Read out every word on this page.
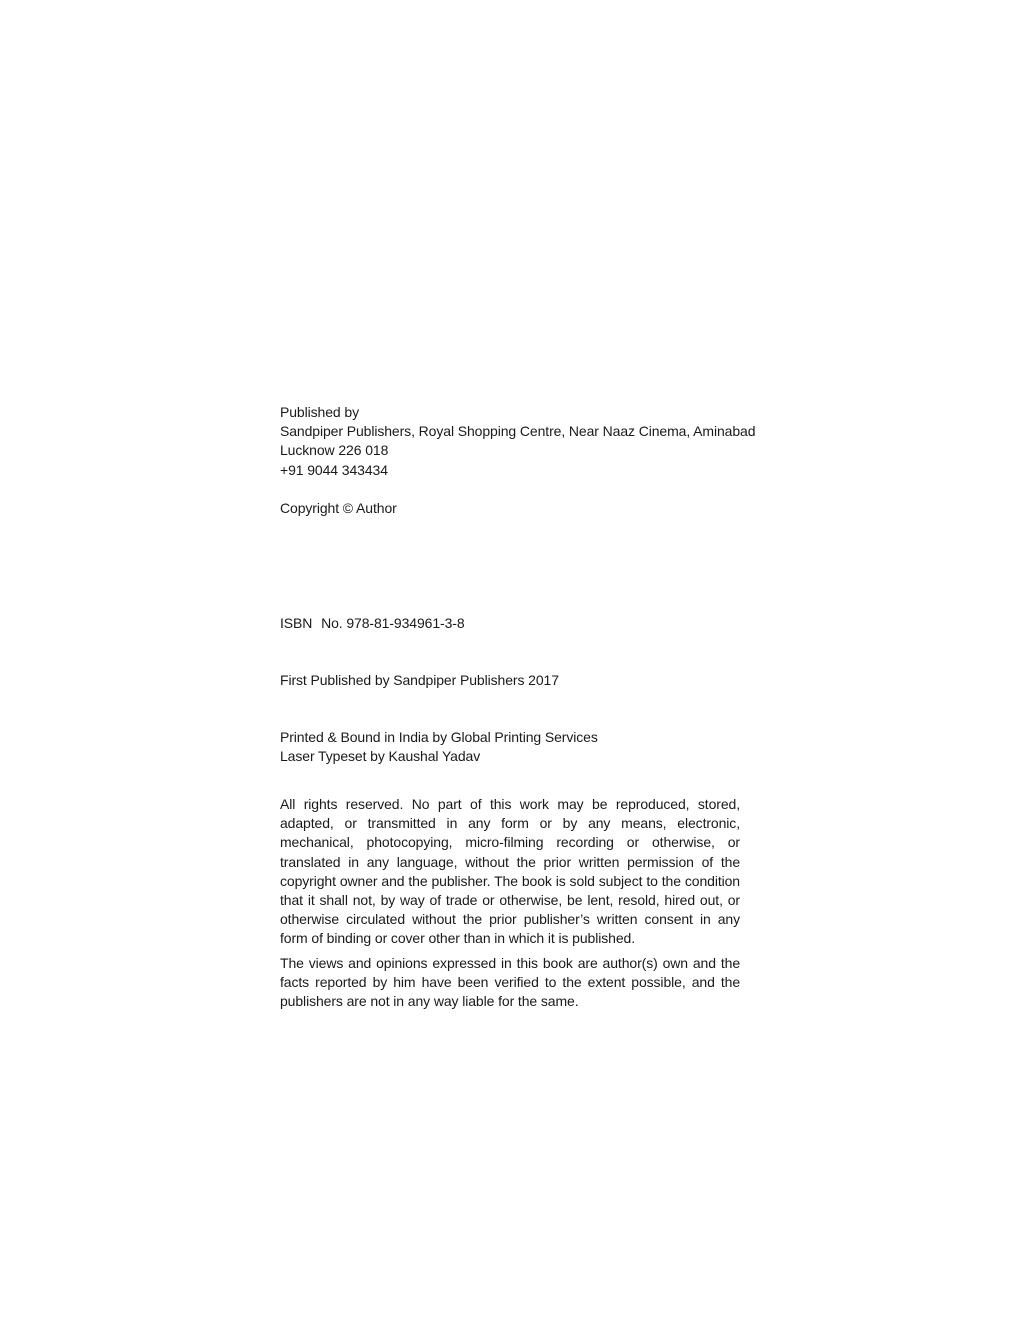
Published by
Sandpiper Publishers, Royal Shopping Centre, Near Naaz Cinema, Aminabad
Lucknow 226 018
+91 9044 343434
Copyright © Author
ISBN No. 978-81-934961-3-8
First Published by Sandpiper Publishers 2017
Printed & Bound in India by Global Printing Services
Laser Typeset by Kaushal Yadav

All rights reserved. No part of this work may be reproduced, stored, adapted, or transmitted in any form or by any means, electronic, mechanical, photocopying, micro-filming recording or otherwise, or translated in any language, without the prior written permission of the copyright owner and the publisher. The book is sold subject to the condition that it shall not, by way of trade or otherwise, be lent, resold, hired out, or otherwise circulated without the prior publisher’s written consent in any form of binding or cover other than in which it is published.

The views and opinions expressed in this book are author(s) own and the facts reported by him have been verified to the extent possible, and the publishers are not in any way liable for the same.
